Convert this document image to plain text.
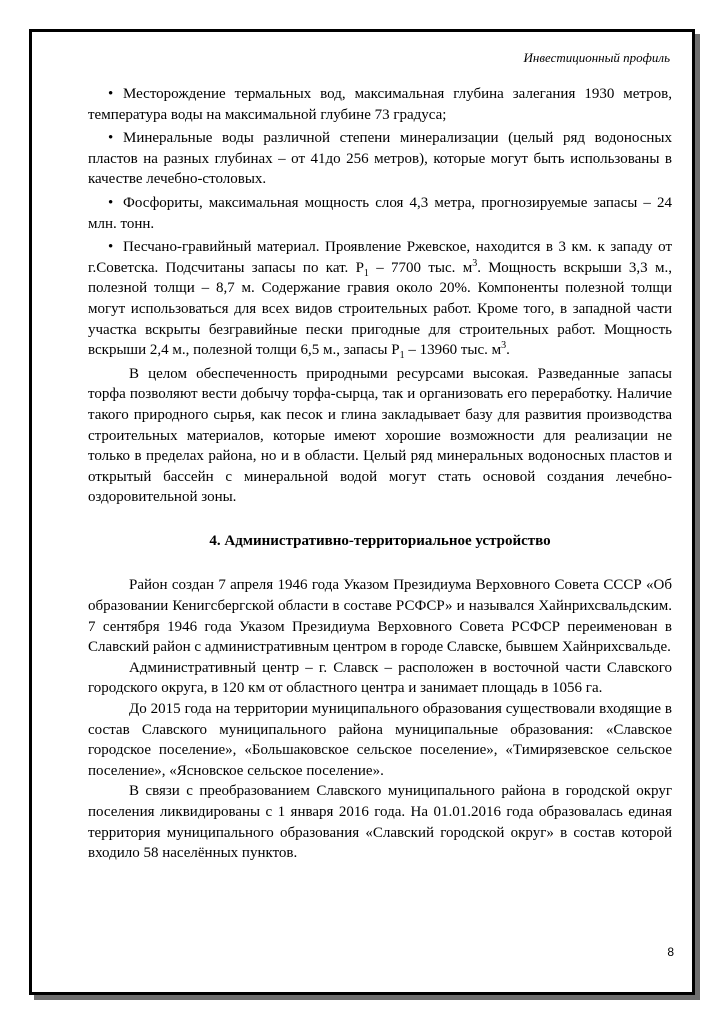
Инвестиционный профиль

• Месторождение термальных вод, максимальная глубина залегания 1930 метров, температура воды на максимальной глубине 73 градуса;

• Минеральные воды различной степени минерализации (целый ряд водоносных пластов на разных глубинах – от 41до 256 метров), которые могут быть использованы в качестве лечебно-столовых.

• Фосфориты, максимальная мощность слоя 4,3 метра, прогнозируемые запасы – 24 млн. тонн.

• Песчано-гравийный материал. Проявление Ржевское, находится в 3 км. к западу от г.Советска. Подсчитаны запасы по кат. $Р_1 - 7700$ тыс. $м^3$. Мощность вскрыши 3,3 м., полезной толщи – 8,7 м. Содержание гравия около 20%. Компоненты полезной толщи могут использоваться для всех видов строительных работ. Кроме того, в западной части участка вскрыты безгравийные пески пригодные для строительных работ. Мощность вскрыши 2,4 м., полезной толщи 6,5 м., запасы $Р_1 - 13960$ тыс. $м^3$.

В целом обеспеченность природными ресурсами высокая. Разведанные запасы торфа позволяют вести добычу торфа-сырца, так и организовать его переработку. Наличие такого природного сырья, как песок и глина закладывает базу для развития производства строительных материалов, которые имеют хорошие возможности для реализации не только в пределах района, но и в области. Целый ряд минеральных водоносных пластов и открытый бассейн с минеральной водой могут стать основой создания лечебно-оздоровительной зоны.

4. Административно-территориальное устройство

Район создан 7 апреля 1946 года Указом Президиума Верховного Совета СССР «Об образовании Кенигсбергской области в составе РСФСР» и назывался Хайнрихсвальдским. 7 сентября 1946 года Указом Президиума Верховного Совета РСФСР переименован в Славский район с административным центром в городе Славске, бывшем Хайнрихсвальде.

Административный центр – г. Славск – расположен в восточной части Славского городского округа, в 120 км от областного центра и занимает площадь в 1056 га.

До 2015 года на территории муниципального образования существовали входящие в состав Славского муниципального района муниципальные образования: «Славское городское поселение», «Большаковское сельское поселение», «Тимирязевское сельское поселение», «Ясновское сельское поселение».

В связи с преобразованием Славского муниципального района в городской округ поселения ликвидированы с 1 января 2016 года. На 01.01.2016 года образовалась единая территория муниципального образования «Славский городской округ» в состав которой входило 58 населённых пунктов.

8
